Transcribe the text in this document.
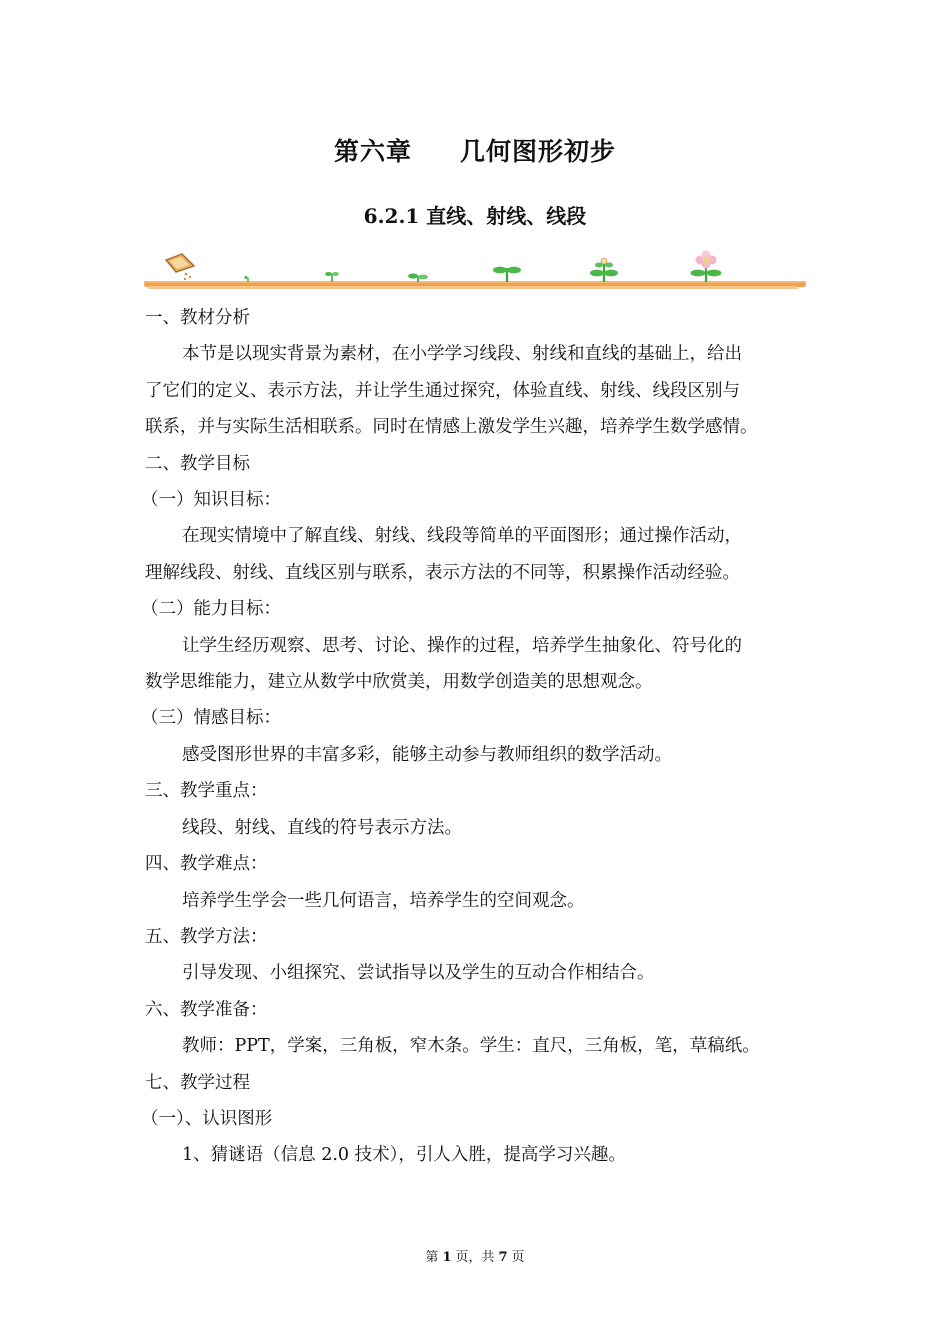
第六章 几何图形初步
6.2.1 直线、射线、线段
一、教材分析
本节是以现实背景为素材，在小学学习线段、射线和直线的基础上，给出
了它们的定义、表示方法，并让学生通过探究，体验直线、射线、线段区别与
联系，并与实际生活相联系。同时在情感上激发学生兴趣，培养学生数学感情。
二、教学目标
（一）知识目标：
在现实情境中了解直线、射线、线段等简单的平面图形；通过操作活动，
理解线段、射线、直线区别与联系，表示方法的不同等，积累操作活动经验。
（二）能力目标：
让学生经历观察、思考、讨论、操作的过程，培养学生抽象化、符号化的
数学思维能力，建立从数学中欣赏美，用数学创造美的思想观念。
（三）情感目标：
感受图形世界的丰富多彩，能够主动参与教师组织的数学活动。
三、教学重点：
线段、射线、直线的符号表示方法。
四、教学难点：
培养学生学会一些几何语言，培养学生的空间观念。
五、教学方法：
引导发现、小组探究、尝试指导以及学生的互动合作相结合。
六、教学准备：
教师：PPT，学案，三角板，窄木条。学生：直尺，三角板，笔，草稿纸。
七、教学过程
（一）、认识图形
1、猜谜语（信息 2.0 技术），引人入胜，提高学习兴趣。
第 1 页，共 7 页
